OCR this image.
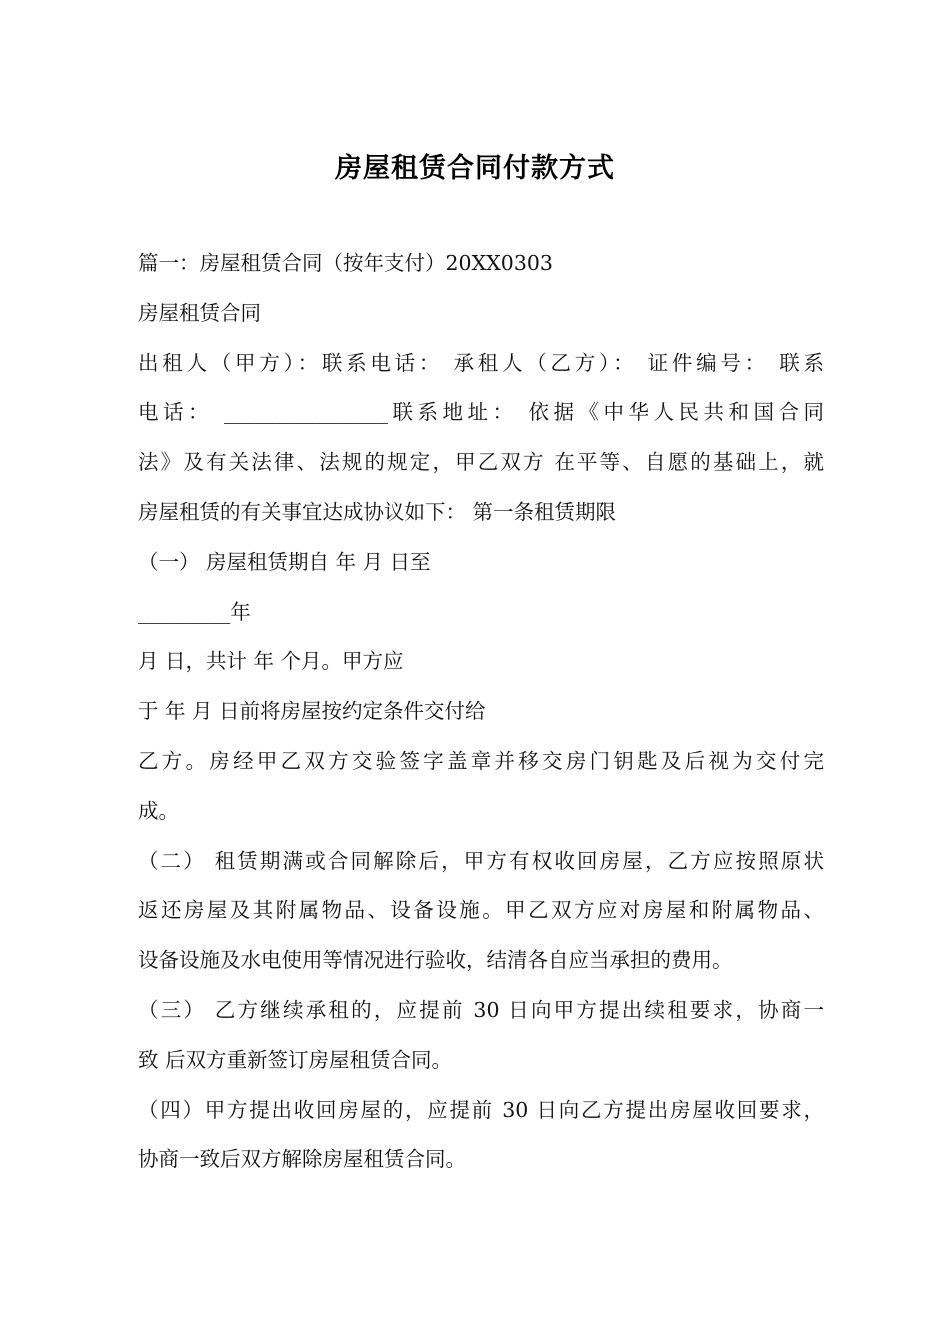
房屋租赁合同付款方式
篇一：房屋租赁合同（按年支付）20XX0303
房屋租赁合同
出租人（甲方）：联系电话： 承租人（乙方）： 证件编号： 联系
电话： ________________联系地址： 依据《中华人民共和国合同
法》及有关法律、法规的规定，甲乙双方 在平等、自愿的基础上，就
房屋租赁的有关事宜达成协议如下： 第一条租赁期限
（一） 房屋租赁期自 年 月 日至
_________年
月 日，共计 年 个月。甲方应
于 年 月 日前将房屋按约定条件交付给
乙方。房经甲乙双方交验签字盖章并移交房门钥匙及后视为交付完
成。
（二） 租赁期满或合同解除后，甲方有权收回房屋，乙方应按照原状
返还房屋及其附属物品、设备设施。甲乙双方应对房屋和附属物品、
设备设施及水电使用等情况进行验收，结清各自应当承担的费用。
（三） 乙方继续承租的，应提前 30 日向甲方提出续租要求，协商一
致 后双方重新签订房屋租赁合同。
（四）甲方提出收回房屋的，应提前 30 日向乙方提出房屋收回要求，
协商一致后双方解除房屋租赁合同。
